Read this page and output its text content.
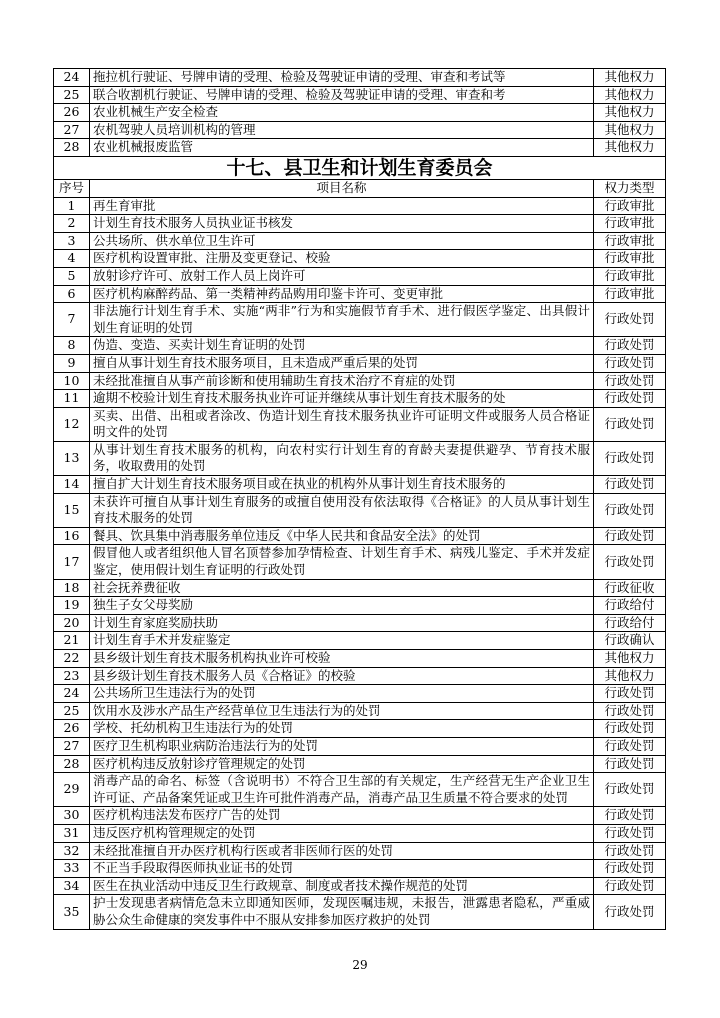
24	拖拉机行驶证、号牌申请的受理、检验及驾驶证申请的受理、审查和考试等	其他权力
25	联合收割机行驶证、号牌申请的受理、检验及驾驶证申请的受理、审查和考	其他权力
26	农业机械生产安全检查	其他权力
27	农机驾驶人员培训机构的管理	其他权力
28	农业机械报废监管	其他权力
十七、县卫生和计划生育委员会		
序号	项目名称	权力类型
1	再生育审批	行政审批
2	计划生育技术服务人员执业证书核发	行政审批
3	公共场所、供水单位卫生许可	行政审批
4	医疗机构设置审批、注册及变更登记、校验	行政审批
5	放射诊疗许可、放射工作人员上岗许可	行政审批
6	医疗机构麻醉药品、第一类精神药品购用印鉴卡许可、变更审批	行政审批
7	非法施行计划生育手术、实施“两非”行为和实施假节育手术、进行假医学鉴定、出具假计划生育证明的处罚	行政处罚
8	伪造、变造、买卖计划生育证明的处罚	行政处罚
9	擅自从事计划生育技术服务项目，且未造成严重后果的处罚	行政处罚
10	未经批准擅自从事产前诊断和使用辅助生育技术治疗不育症的处罚	行政处罚
11	逾期不校验计划生育技术服务执业许可证并继续从事计划生育技术服务的处	行政处罚
12	买卖、出借、出租或者涂改、伪造计划生育技术服务执业许可证明文件或服务人员合格证明文件的处罚	行政处罚
13	从事计划生育技术服务的机构，向农村实行计划生育的育龄夫妻提供避孕、节育技术服务，收取费用的处罚	行政处罚
14	擅自扩大计划生育技术服务项目或在执业的机构外从事计划生育技术服务的	行政处罚
15	未获许可擅自从事计划生育服务的或擅自使用没有依法取得《合格证》的人员从事计划生育技术服务的处罚	行政处罚
16	餐具、饮具集中消毒服务单位违反《中华人民共和食品安全法》的处罚	行政处罚
17	假冒他人或者组织他人冒名顶替参加孕情检查、计划生育手术、病残儿鉴定、手术并发症鉴定，使用假计划生育证明的行政处罚	行政处罚
18	社会抚养费征收	行政征收
19	独生子女父母奖励	行政给付
20	计划生育家庭奖励扶助	行政给付
21	计划生育手术并发症鉴定	行政确认
22	县乡级计划生育技术服务机构执业许可校验	其他权力
23	县乡级计划生育技术服务人员《合格证》的校验	其他权力
24	公共场所卫生违法行为的处罚	行政处罚
25	饮用水及涉水产品生产经营单位卫生违法行为的处罚	行政处罚
26	学校、托幼机构卫生违法行为的处罚	行政处罚
27	医疗卫生机构职业病防治违法行为的处罚	行政处罚
28	医疗机构违反放射诊疗管理规定的处罚	行政处罚
29	消毒产品的命名、标签（含说明书）不符合卫生部的有关规定，生产经营无生产企业卫生许可证、产品备案凭证或卫生许可批件消毒产品，消毒产品卫生质量不符合要求的处罚	行政处罚
30	医疗机构违法发布医疗广告的处罚	行政处罚
31	违反医疗机构管理规定的处罚	行政处罚
32	未经批准擅自开办医疗机构行医或者非医师行医的处罚	行政处罚
33	不正当手段取得医师执业证书的处罚	行政处罚
34	医生在执业活动中违反卫生行政规章、制度或者技术操作规范的处罚	行政处罚
35	护士发现患者病情危急未立即通知医师，发现医嘱违规，未报告，泄露患者隐私，严重威胁公众生命健康的突发事件中不服从安排参加医疗救护的处罚	行政处罚
29
